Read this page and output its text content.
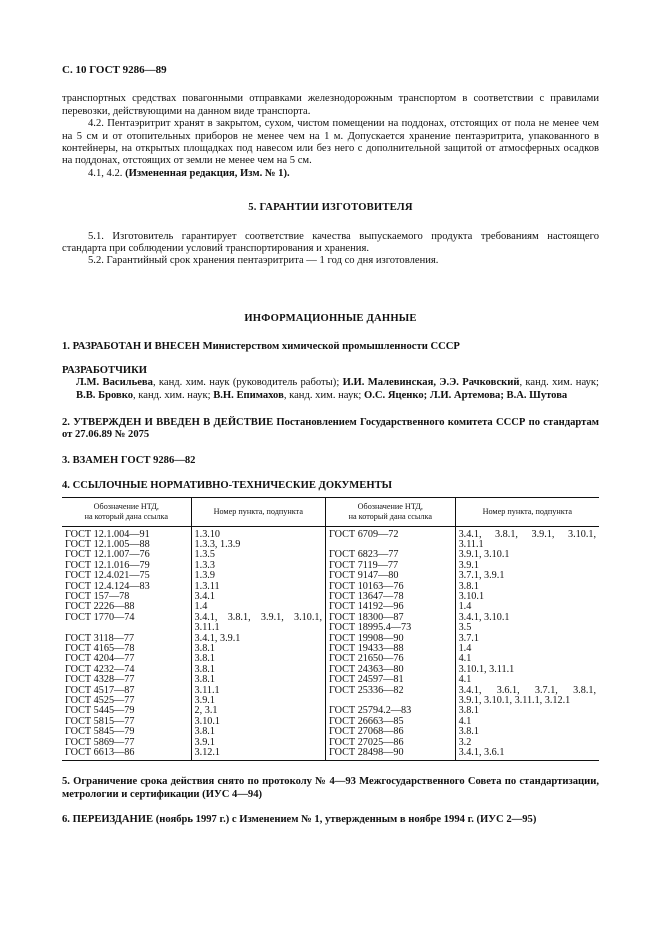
С. 10 ГОСТ 9286—89

транспортных средствах повагонными отправками железнодорожным транспортом в соответствии с правилами перевозки, действующими на данном виде транспорта.

4.2. Пентаэритрит хранят в закрытом, сухом, чистом помещении на поддонах, отстоящих от пола не менее чем на 5 см и от отопительных приборов не менее чем на 1 м. Допускается хранение пентаэритрита, упакованного в контейнеры, на открытых площадках под навесом или без него с дополнительной защитой от атмосферных осадков на поддонах, отстоящих от земли не менее чем на 5 см.

4.1, 4.2. (Измененная редакция, Изм. № 1).

5. ГАРАНТИИ ИЗГОТОВИТЕЛЯ

5.1. Изготовитель гарантирует соответствие качества выпускаемого продукта требованиям настоящего стандарта при соблюдении условий транспортирования и хранения.

5.2. Гарантийный срок хранения пентаэритрита — 1 год со дня изготовления.

ИНФОРМАЦИОННЫЕ ДАННЫЕ

1. РАЗРАБОТАН И ВНЕСЕН Министерством химической промышленности СССР

РАЗРАБОТЧИКИ
Л.М. Васильева, канд. хим. наук (руководитель работы); И.И. Малевинская, Э.Э. Рачковский, канд. хим. наук; В.В. Бровко, канд. хим. наук; В.Н. Епимахов, канд. хим. наук; О.С. Яценко; Л.И. Артемова; В.А. Шутова

2. УТВЕРЖДЕН И ВВЕДЕН В ДЕЙСТВИЕ Постановлением Государственного комитета СССР по стандартам от 27.06.89 № 2075

3. ВЗАМЕН ГОСТ 9286—82

4. ССЫЛОЧНЫЕ НОРМАТИВНО-ТЕХНИЧЕСКИЕ ДОКУМЕНТЫ

Обозначение НТД,
на который дана ссылка	Номер пункта, подпункта	Обозначение НТД,
на который дана ссылка	Номер пункта, подпункта
ГОСТ 12.1.004—91	1.3.10	ГОСТ 6709—72	3.4.1, 3.8.1, 3.9.1, 3.10.1,
ГОСТ 12.1.005—88	1.3.3, 1.3.9		3.11.1
ГОСТ 12.1.007—76	1.3.5	ГОСТ 6823—77	3.9.1, 3.10.1
ГОСТ 12.1.016—79	1.3.3	ГОСТ 7119—77	3.9.1
ГОСТ 12.4.021—75	1.3.9	ГОСТ 9147—80	3.7.1, 3.9.1
ГОСТ 12.4.124—83	1.3.11	ГОСТ 10163—76	3.8.1
ГОСТ 157—78	3.4.1	ГОСТ 13647—78	3.10.1
ГОСТ 2226—88	1.4	ГОСТ 14192—96	1.4
ГОСТ 1770—74	3.4.1, 3.8.1, 3.9.1, 3.10.1,	ГОСТ 18300—87	3.4.1, 3.10.1
	3.11.1	ГОСТ 18995.4—73	3.5
ГОСТ 3118—77	3.4.1, 3.9.1	ГОСТ 19908—90	3.7.1
ГОСТ 4165—78	3.8.1	ГОСТ 19433—88	1.4
ГОСТ 4204—77	3.8.1	ГОСТ 21650—76	4.1
ГОСТ 4232—74	3.8.1	ГОСТ 24363—80	3.10.1, 3.11.1
ГОСТ 4328—77	3.8.1	ГОСТ 24597—81	4.1
ГОСТ 4517—87	3.11.1	ГОСТ 25336—82	3.4.1, 3.6.1, 3.7.1, 3.8.1,
ГОСТ 4525—77	3.9.1		3.9.1, 3.10.1, 3.11.1, 3.12.1
ГОСТ 5445—79	2, 3.1	ГОСТ 25794.2—83	3.8.1
ГОСТ 5815—77	3.10.1	ГОСТ 26663—85	4.1
ГОСТ 5845—79	3.8.1	ГОСТ 27068—86	3.8.1
ГОСТ 5869—77	3.9.1	ГОСТ 27025—86	3.2
ГОСТ 6613—86	3.12.1	ГОСТ 28498—90	3.4.1, 3.6.1

5. Ограничение срока действия снято по протоколу № 4—93 Межгосударственного Совета по стандартизации, метрологии и сертификации (ИУС 4—94)

6. ПЕРЕИЗДАНИЕ (ноябрь 1997 г.) с Изменением № 1, утвержденным в ноябре 1994 г. (ИУС 2—95)
